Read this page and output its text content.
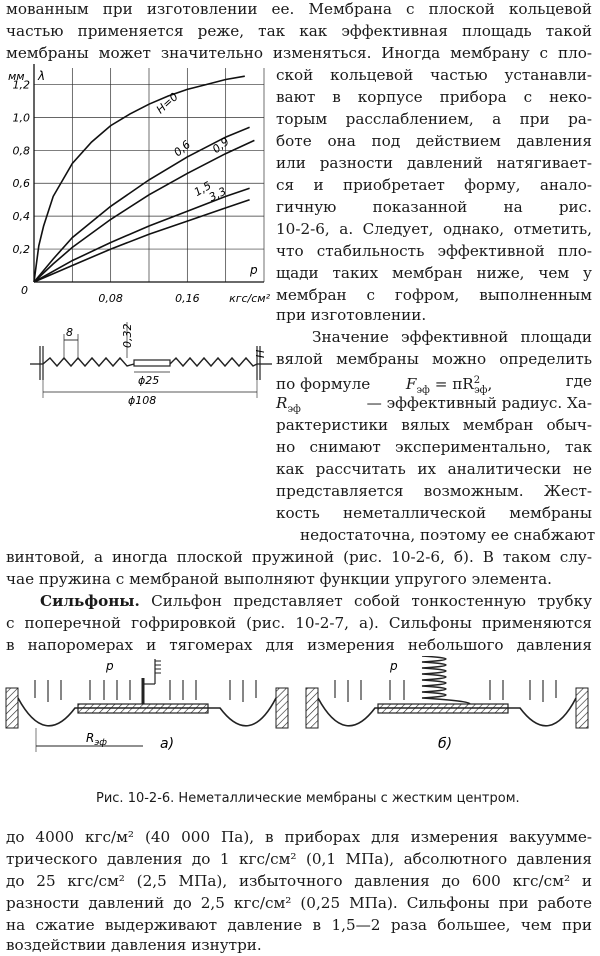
мованным при изготовлении ее. Мембрана с плоской кольцевой
частью применяется реже, так как эффективная площадь такой
мембраны может значительно изменяться. Иногда мембрану с пло-
ской кольцевой частью устанавли-
вают в корпусе прибора с неко-
торым расслаблением, а при ра-
боте она под действием давления
или разности давлений натягивает-
ся и приобретает форму, анало-
гичную показанной на рис.
10-2-6, а. Следует, однако, отметить,
что стабильность эффективной пло-
щади таких мембран ниже, чем у
мембран с гофром, выполненным
при изготовлении.
Значение эффективной площади
вялой мембраны можно определить
по формуле $F_{эф} = \pi R^2_{эф}$,	где
$R_{эф}$	— эффективный радиус. Ха-
рактеристики вялых мембран обыч-
но снимают экспериментально, так
как рассчитать их аналитически не
представляется возможным. Жест-
кость неметаллической мембраны
недостаточна, поэтому ее снабжают
0,2
0,4
0,6
0,8
1,0
1,2
0
0,08	0,16	кгс/см²
p
мм λ
H=0
0,6 0,9
1,5
3,3
8	0,32
ϕ25
ϕ108
H
винтовой, а иногда плоской пружиной (рис. 10-2-6, б). В таком слу-
чае пружина с мембраной выполняют функции упругого элемента.
Сильфоны. Сильфон представляет собой тонкостенную трубку
с поперечной гофрировкой (рис. 10-2-7, а). Сильфоны применяются
в напоромерах и тягомерах для измерения небольшого давления
p
$R_{эф}$	а)
p
б)
Рис. 10-2-6. Неметаллические мембраны с жестким центром.
до 4000 кгс/м² (40 000 Па), в приборах для измерения вакуумме-
трического давления до 1 кгс/см² (0,1 МПа), абсолютного давления
до 25 кгс/см² (2,5 МПа), избыточного давления до 600 кгс/см² и
разности давлений до 2,5 кгс/см² (0,25 МПа). Сильфоны при работе
на сжатие выдерживают давление в 1,5—2 раза большее, чем при
воздействии давления изнутри.
